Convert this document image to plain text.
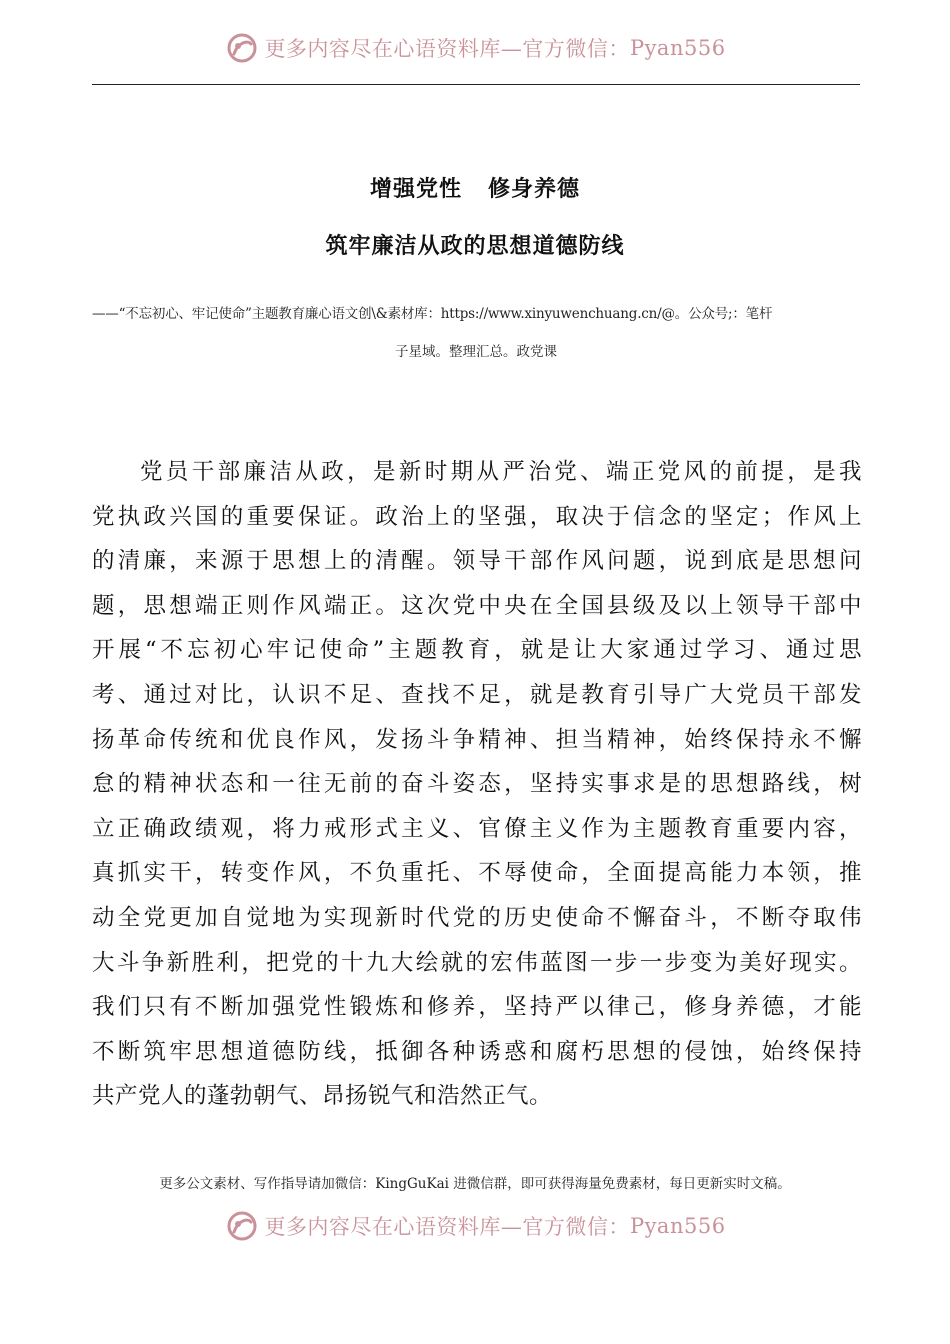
更多内容尽在心语资料库—官方微信： Pyan556
增强党性 修身养德
筑牢廉洁从政的思想道德防线

——“不忘初心、牢记使命”主题教育廉心语文创\&素材库：https://www.xinyuwenchuang.cn/@。公众号;：笔杆

子星域。整理汇总。政党课

党员干部廉洁从政，是新时期从严治党、端正党风的前提，是我
党执政兴国的重要保证。政治上的坚强，取决于信念的坚定；作风上
的清廉，来源于思想上的清醒。领导干部作风问题，说到底是思想问
题，思想端正则作风端正。这次党中央在全国县级及以上领导干部中
开展“不忘初心牢记使命”主题教育，就是让大家通过学习、通过思
考、通过对比，认识不足、查找不足，就是教育引导广大党员干部发
扬革命传统和优良作风，发扬斗争精神、担当精神，始终保持永不懈
怠的精神状态和一往无前的奋斗姿态，坚持实事求是的思想路线，树
立正确政绩观，将力戒形式主义、官僚主义作为主题教育重要内容，
真抓实干，转变作风，不负重托、不辱使命，全面提高能力本领，推
动全党更加自觉地为实现新时代党的历史使命不懈奋斗，不断夺取伟
大斗争新胜利，把党的十九大绘就的宏伟蓝图一步一步变为美好现实。
我们只有不断加强党性锻炼和修养，坚持严以律己，修身养德，才能
不断筑牢思想道德防线，抵御各种诱惑和腐朽思想的侵蚀，始终保持
共产党人的蓬勃朝气、昂扬锐气和浩然正气。

更多公文素材、写作指导请加微信：KingGuKai 进微信群，即可获得海量免费素材，每日更新实时文稿。

更多内容尽在心语资料库—官方微信： Pyan556
